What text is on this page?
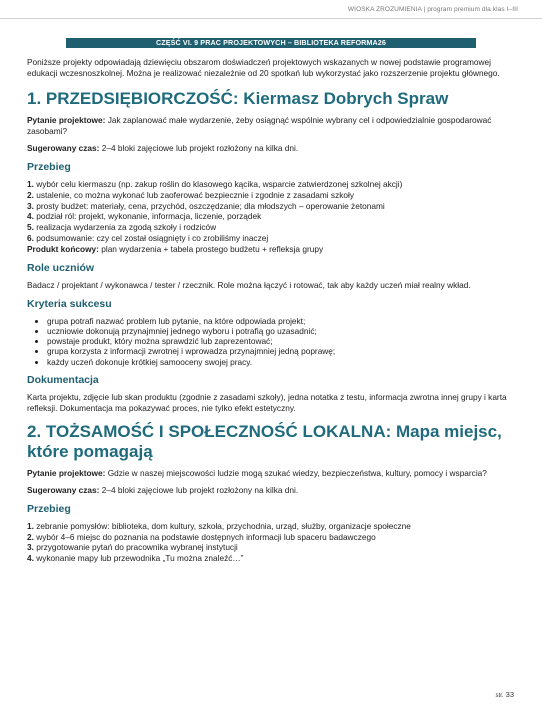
WIOSKA ZROZUMIENIA | program premium dla klas I–III
CZĘŚĆ VI. 9 PRAC PROJEKTOWYCH – BIBLIOTEKA REFORMA26

Poniższe projekty odpowiadają dziewięciu obszarom doświadczeń projektowych wskazanych w nowej podstawie programowej edukacji wczesnoszkolnej. Można je realizować niezależnie od 20 spotkań lub wykorzystać jako rozszerzenie projektu głównego.

1. PRZEDSIĘBIORCZOŚĆ: Kiermasz Dobrych Spraw

Pytanie projektowe: Jak zaplanować małe wydarzenie, żeby osiągnąć wspólnie wybrany cel i odpowiedzialnie gospodarować zasobami?

Sugerowany czas: 2–4 bloki zajęciowe lub projekt rozłożony na kilka dni.

Przebieg
1. wybór celu kiermaszu (np. zakup roślin do klasowego kącika, wsparcie zatwierdzonej szkolnej akcji)
2. ustalenie, co można wykonać lub zaoferować bezpiecznie i zgodnie z zasadami szkoły
3. prosty budżet: materiały, cena, przychód, oszczędzanie; dla młodszych – operowanie żetonami
4. podział ról: projekt, wykonanie, informacja, liczenie, porządek
5. realizacja wydarzenia za zgodą szkoły i rodziców
6. podsumowanie: czy cel został osiągnięty i co zrobiliśmy inaczej

Produkt końcowy: plan wydarzenia + tabela prostego budżetu + refleksja grupy

Role uczniów

Badacz / projektant / wykonawca / tester / rzecznik. Role można łączyć i rotować, tak aby każdy uczeń miał realny wkład.

Kryteria sukcesu
• grupa potrafi nazwać problem lub pytanie, na które odpowiada projekt;
• uczniowie dokonują przynajmniej jednego wyboru i potrafią go uzasadnić;
• powstaje produkt, który można sprawdzić lub zaprezentować;
• grupa korzysta z informacji zwrotnej i wprowadza przynajmniej jedną poprawę;
• każdy uczeń dokonuje krótkiej samooceny swojej pracy.
Dokumentacja

Karta projektu, zdjęcie lub skan produktu (zgodnie z zasadami szkoły), jedna notatka z testu, informacja zwrotna innej grupy i karta refleksji. Dokumentacja ma pokazywać proces, nie tylko efekt estetyczny.

2. TOŻSAMOŚĆ I SPOŁECZNOŚĆ LOKALNA: Mapa miejsc, które pomagają

Pytanie projektowe: Gdzie w naszej miejscowości ludzie mogą szukać wiedzy, bezpieczeństwa, kultury, pomocy i wsparcia?

Sugerowany czas: 2–4 bloki zajęciowe lub projekt rozłożony na kilka dni.

Przebieg
1. zebranie pomysłów: biblioteka, dom kultury, szkoła, przychodnia, urząd, służby, organizacje społeczne
2. wybór 4–6 miejsc do poznania na podstawie dostępnych informacji lub spaceru badawczego
3. przygotowanie pytań do pracownika wybranej instytucji
4. wykonanie mapy lub przewodnika „Tu można znaleźć…”
str. 33
